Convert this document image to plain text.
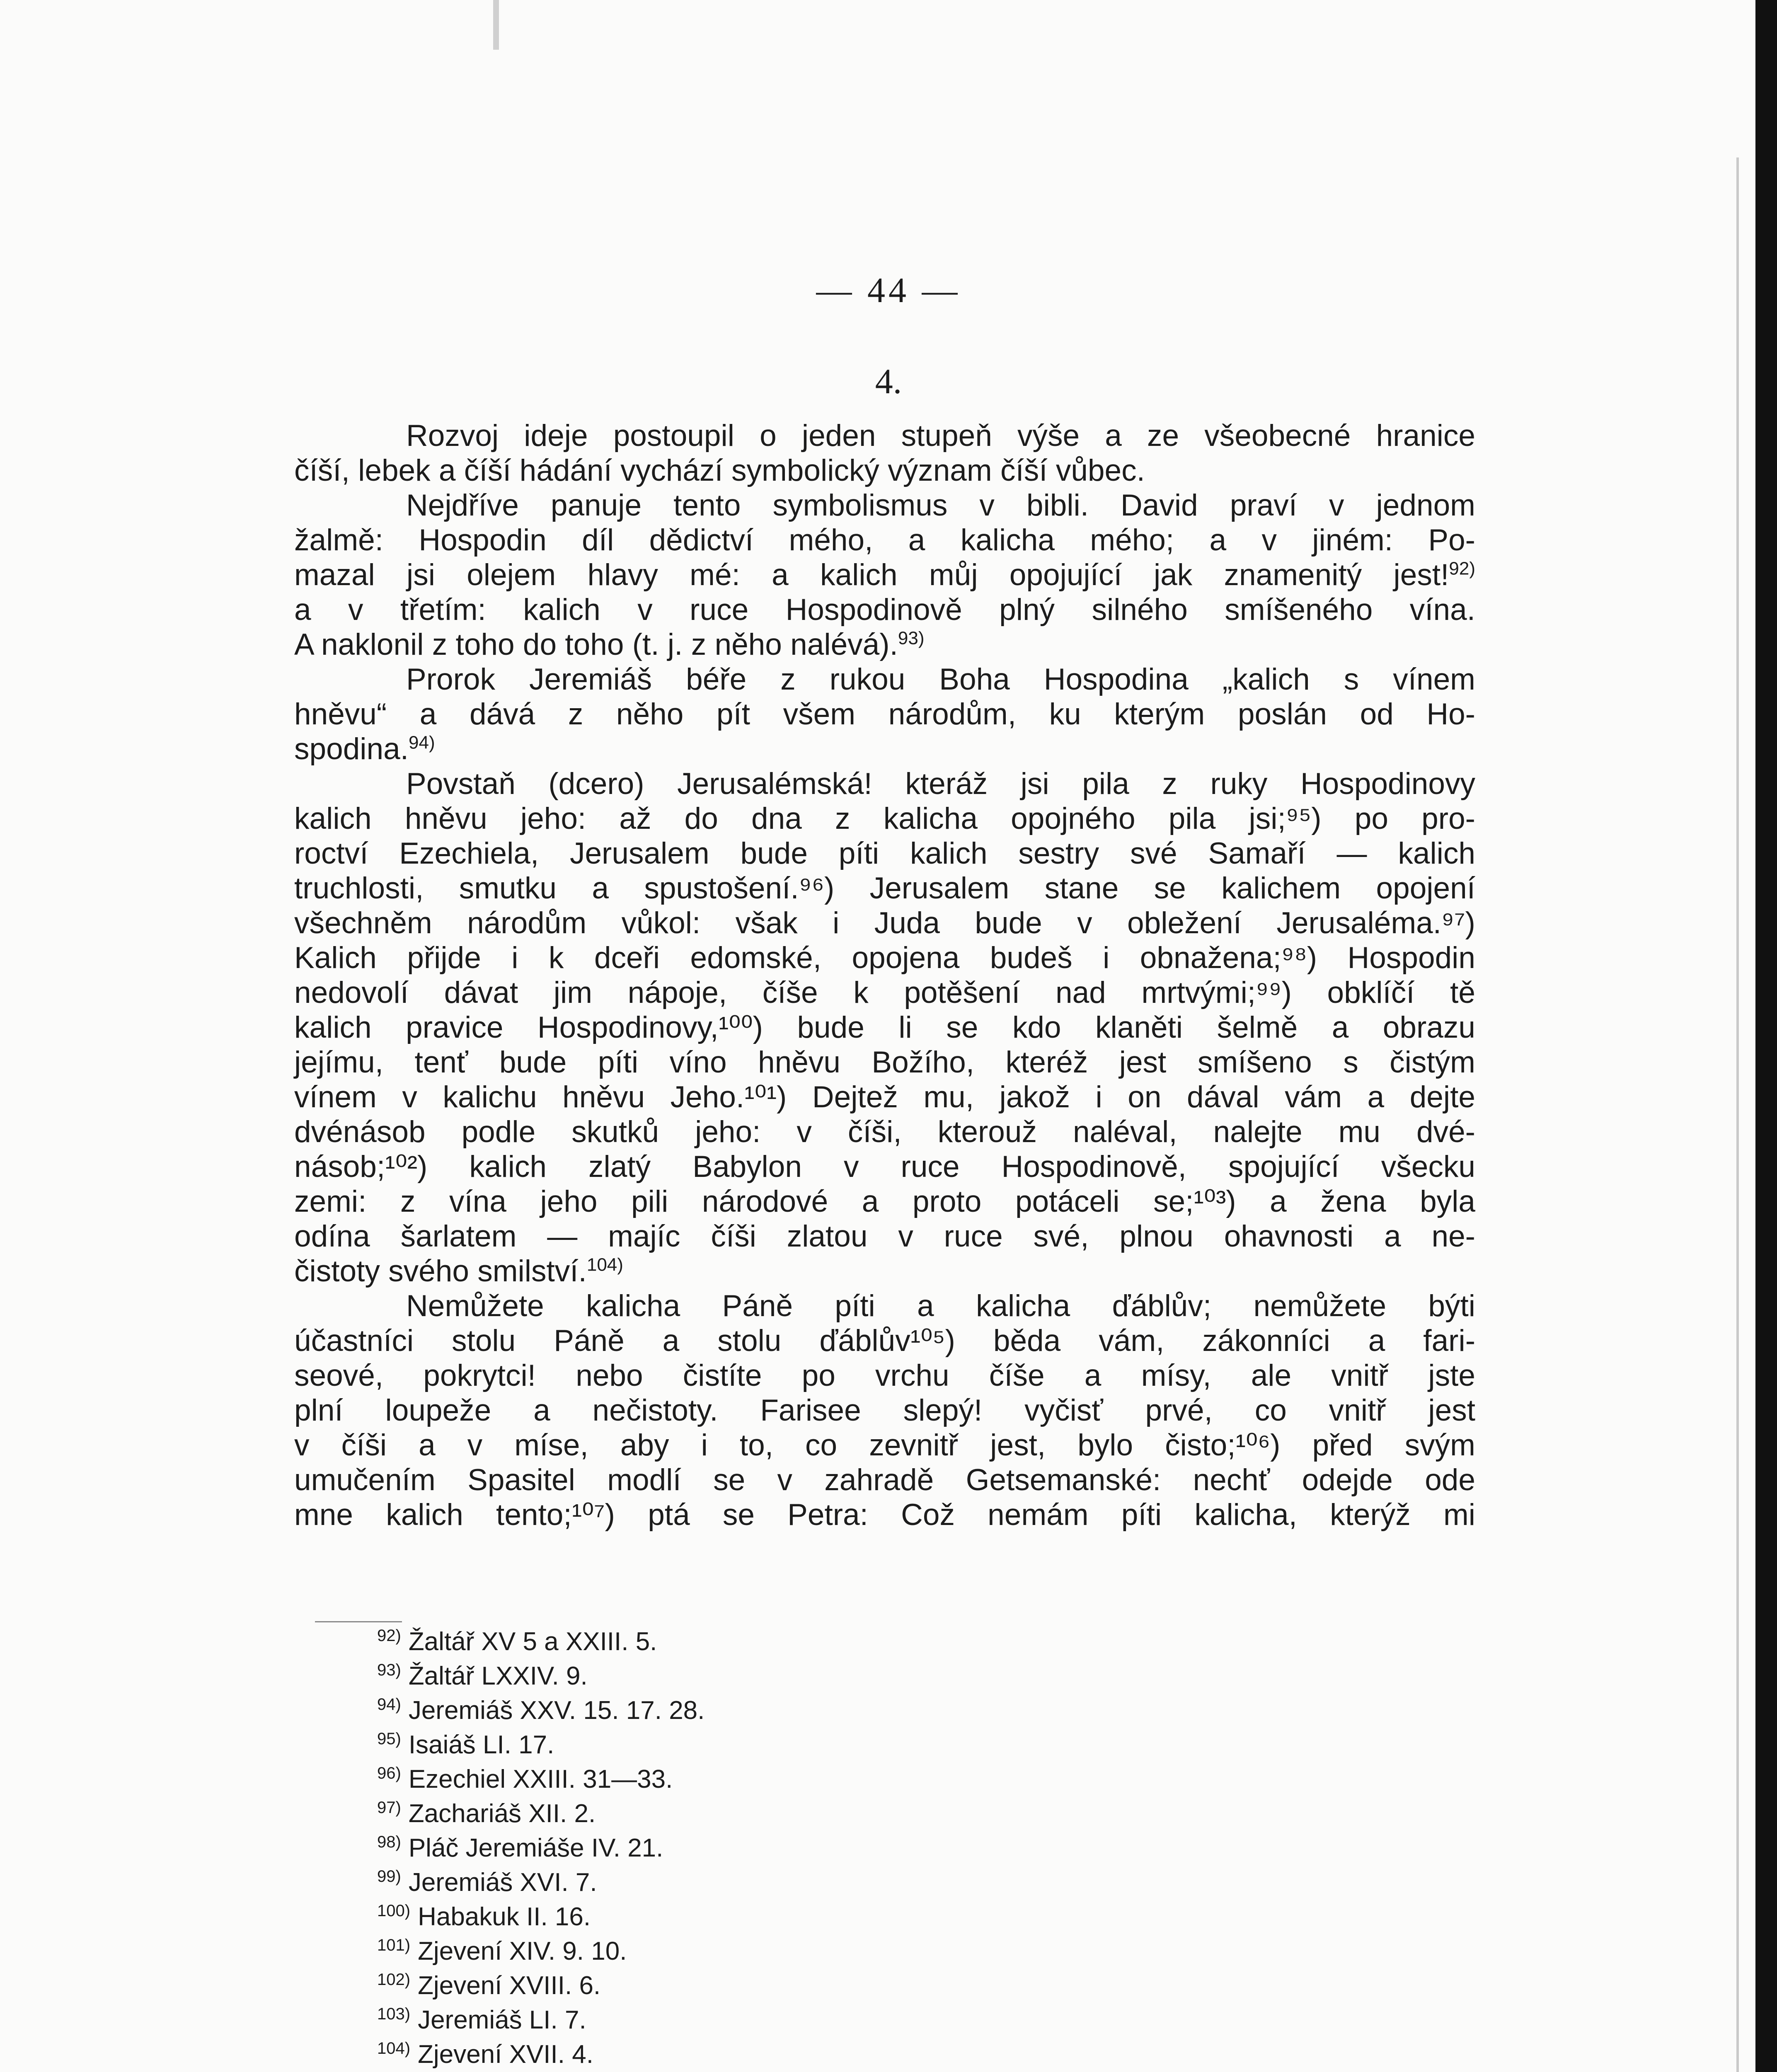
— 44 —
4.
Rozvoj ideje postoupil o jeden stupeň výše a ze všeobecné hranice
číší, lebek a číší hádání vychází symbolický význam číší vůbec.
Nejdříve panuje tento symbolismus v bibli. David praví v jednom
žalmě: Hospodin díl dědictví mého, a kalicha mého; a v jiném: Po-
mazal jsi olejem hlavy mé: a kalich můj opojující jak znamenitý jest!$^{92)}$
a v třetím: kalich v ruce Hospodinově plný silného smíšeného vína.
A naklonil z toho do toho (t. j. z něho nalévá).$^{93)}$
Prorok Jeremiáš béře z rukou Boha Hospodina „kalich s vínem
hněvu“ a dává z něho pít všem národům, ku kterým poslán od Ho-
spodina.$^{94)}$
Povstaň (dcero) Jerusalémská! kteráž jsi pila z ruky Hospodinovy
kalich hněvu jeho: až do dna z kalicha opojného pila jsi;⁹⁵) po pro-
roctví Ezechiela, Jerusalem bude píti kalich sestry své Samaří — kalich
truchlosti, smutku a spustošení.⁹⁶) Jerusalem stane se kalichem opojení
všechněm národům vůkol: však i Juda bude v obležení Jerusaléma.⁹⁷)
Kalich přijde i k dceři edomské, opojena budeš i obnažena;⁹⁸) Hospodin
nedovolí dávat jim nápoje, číše k potěšení nad mrtvými;⁹⁹) obklíčí tě
kalich pravice Hospodinovy,¹⁰⁰) bude li se kdo klaněti šelmě a obrazu
jejímu, tenť bude píti víno hněvu Božího, kteréž jest smíšeno s čistým
vínem v kalichu hněvu Jeho.¹⁰¹) Dejtež mu, jakož i on dával vám a dejte
dvénásob podle skutků jeho: v číši, kterouž naléval, nalejte mu dvé-
násob;¹⁰²) kalich zlatý Babylon v ruce Hospodinově, spojující všecku
zemi: z vína jeho pili národové a proto potáceli se;¹⁰³) a žena byla
odína šarlatem — majíc číši zlatou v ruce své, plnou ohavnosti a ne-
čistoty svého smilství.$^{104)}$
Nemůžete kalicha Páně píti a kalicha ďáblův; nemůžete býti
účastníci stolu Páně a stolu ďáblův¹⁰⁵) běda vám, zákonníci a fari-
seové, pokrytci! nebo čistíte po vrchu číše a mísy, ale vnitř jste
plní loupeže a nečistoty. Farisee slepý! vyčisť prvé, co vnitř jest
v číši a v míse, aby i to, co zevnitř jest, bylo čisto;¹⁰⁶) před svým
umučením Spasitel modlí se v zahradě Getsemanské: nechť odejde ode
mne kalich tento;¹⁰⁷) ptá se Petra: Což nemám píti kalicha, kterýž mi
$^{92)}$ Žaltář XV 5 a XXIII. 5.
$^{93)}$ Žaltář LXXIV. 9.
$^{94)}$ Jeremiáš XXV. 15. 17. 28.
$^{95)}$ Isaiáš LI. 17.
$^{96)}$ Ezechiel XXIII. 31—33.
$^{97)}$ Zachariáš XII. 2.
$^{98)}$ Pláč Jeremiáše IV. 21.
$^{99)}$ Jeremiáš XVI. 7.
$^{100)}$ Habakuk II. 16.
$^{101)}$ Zjevení XIV. 9. 10.
$^{102)}$ Zjevení XVIII. 6.
$^{103)}$ Jeremiáš LI. 7.
$^{104)}$ Zjevení XVII. 4.
